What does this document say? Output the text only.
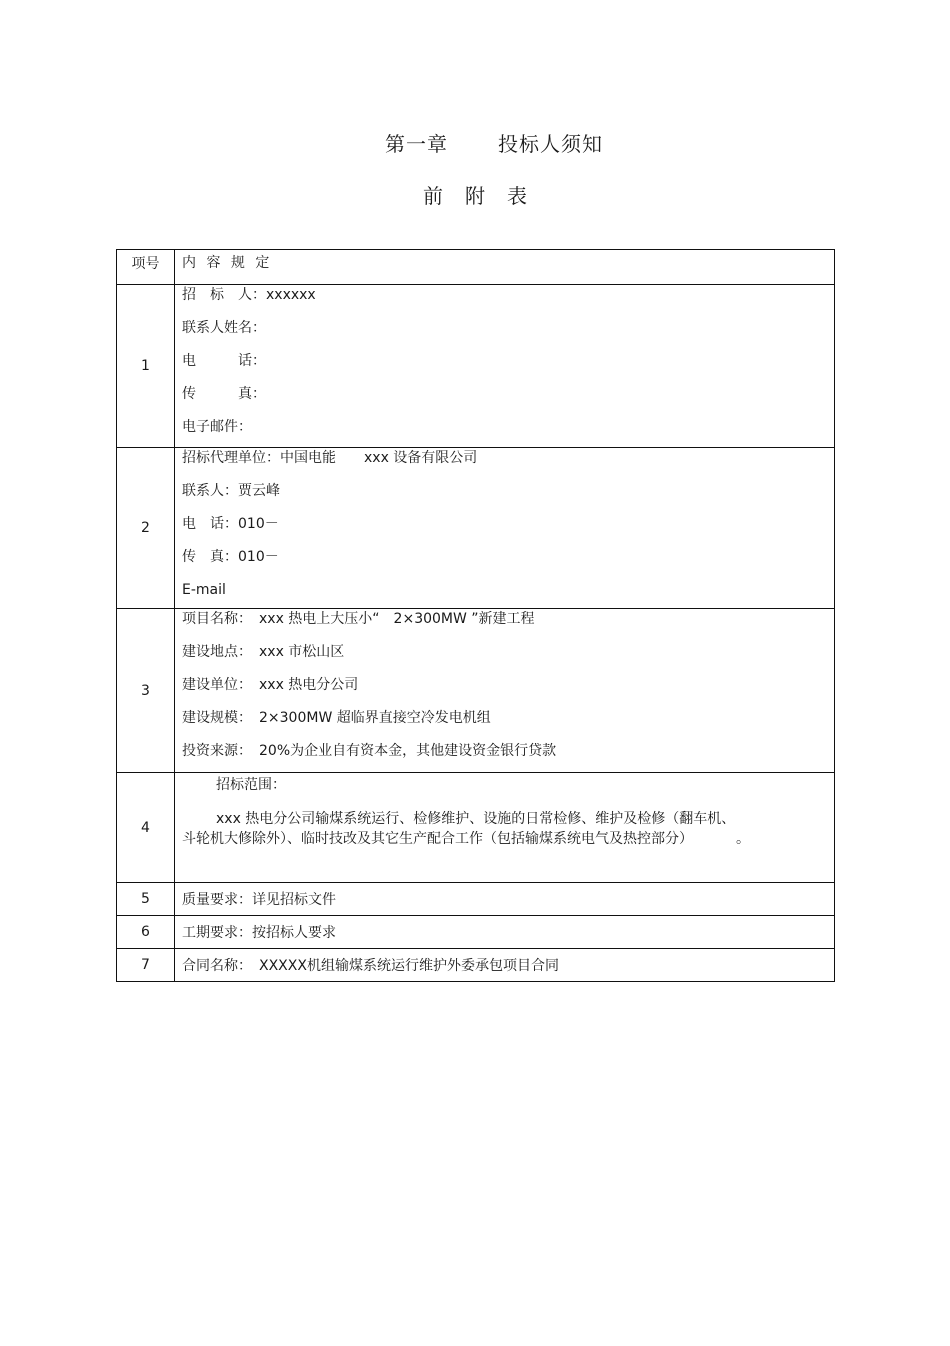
第一章	投标人须知
前 附 表
项号	内 容 规 定
1	招　标　人：xxxxxx
联系人姓名：
电　　　话：
传　　　真：
电子邮件：

2	招标代理单位：中国电能　　xxx 设备有限公司
联系人：贾云峰
电　话：010－
传　真：010－
E-mail

3	项目名称：　xxx 热电上大压小“　2×300MW ”新建工程
建设地点：　xxx 市松山区
建设单位：　xxx 热电分公司
建设规模：　2×300MW 超临界直接空冷发电机组
投资来源：　20%为企业自有资本金，其他建设资金银行贷款

4	招标范围：
xxx 热电分公司输煤系统运行、检修维护、设施的日常检修、维护及检修（翻车机、
斗轮机大修除外）、临时技改及其它生产配合工作（包括输煤系统电气及热控部分） 。

5	质量要求：详见招标文件
6	工期要求：按招标人要求
7	合同名称：　XXXXX机组输煤系统运行维护外委承包项目合同
